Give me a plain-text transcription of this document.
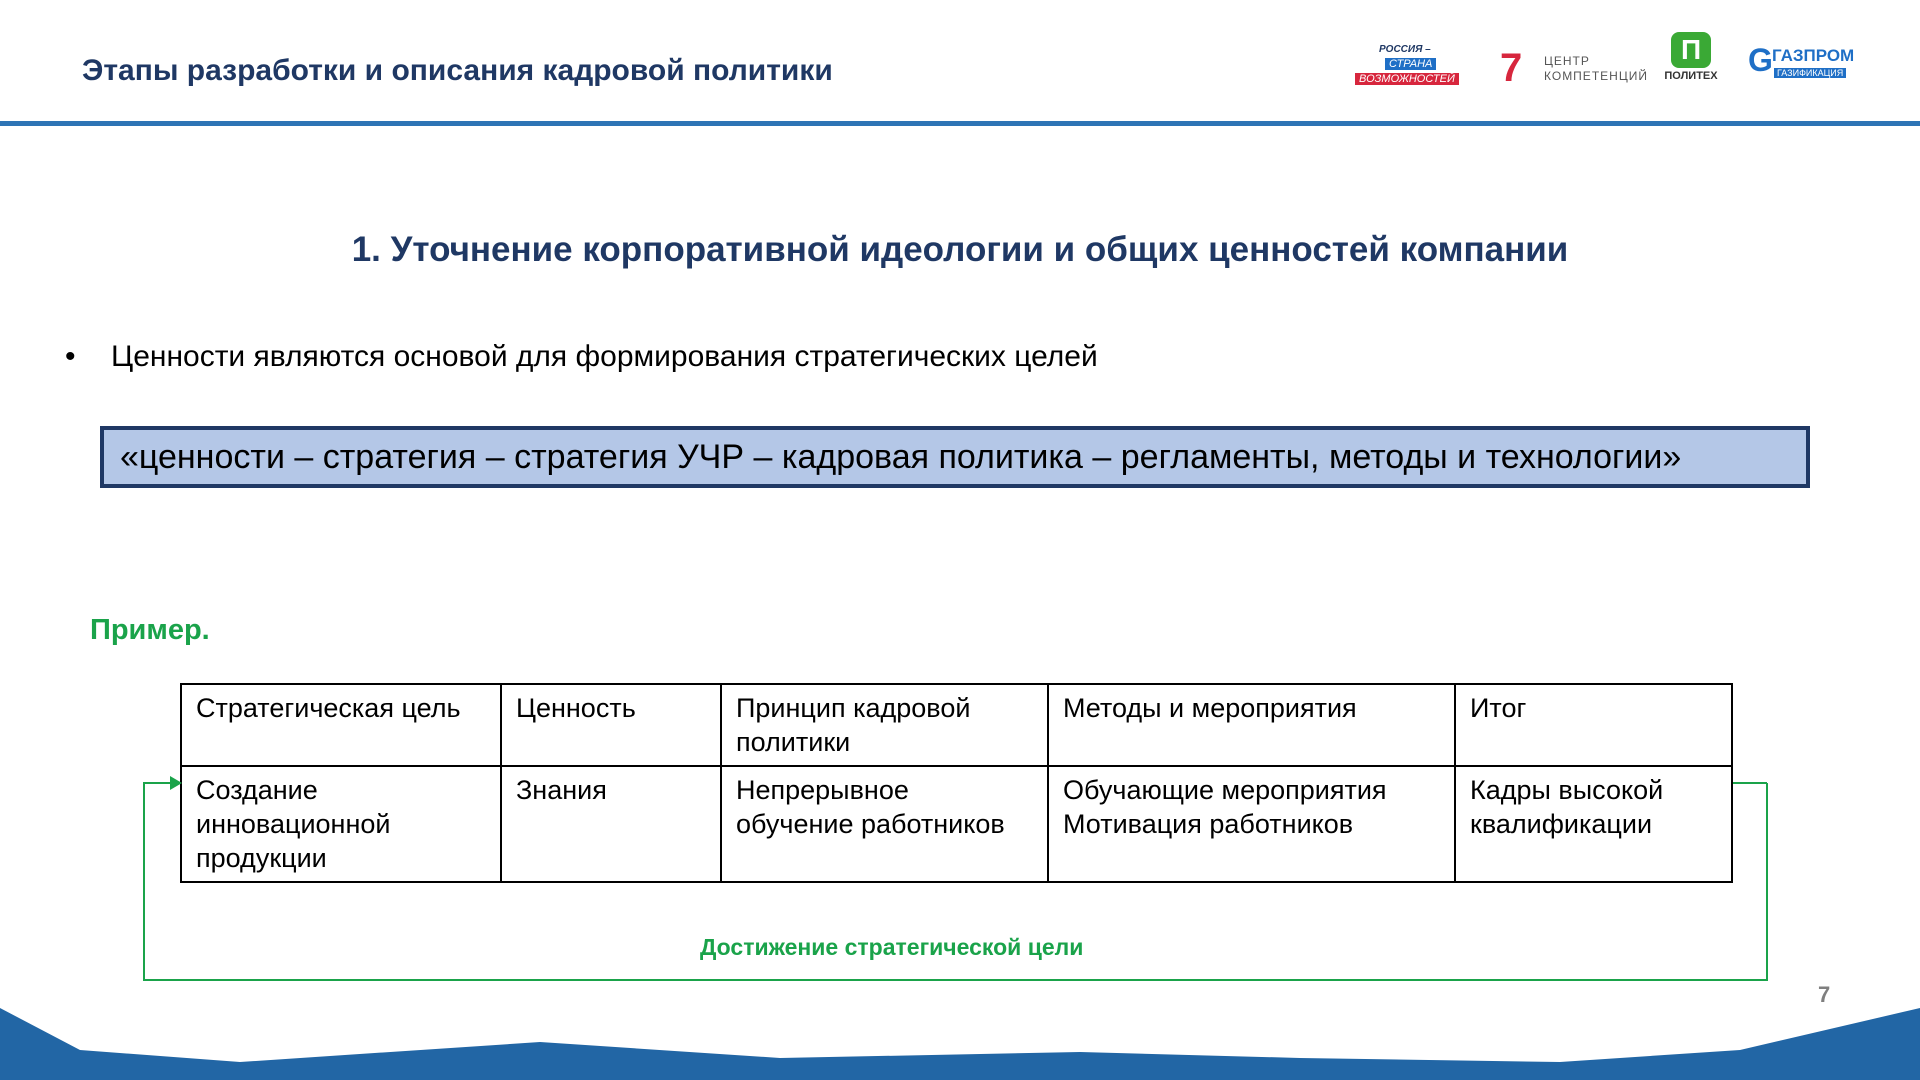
Этапы разработки и описания кадровой политики
РОССИЯ –
СТРАНА
ВОЗМОЖНОСТЕЙ 7 ЦЕНТР
КОМПЕТЕНЦИЙ
П
ПОЛИТЕХ G ГАЗПРОМ
ГАЗИФИКАЦИЯ
1. Уточнение корпоративной идеологии и общих ценностей компании
• Ценности являются основой для формирования стратегических целей
«ценности – стратегия – стратегия УЧР – кадровая политика – регламенты, методы и технологии»
Пример.
Стратегическая цель	Ценность	Принцип кадровой политики	Методы и мероприятия	Итог
Создание инновационной продукции	Знания	Непрерывное обучение работников	Обучающие мероприятия Мотивация работников	Кадры высокой квалификации
Достижение стратегической цели
7
